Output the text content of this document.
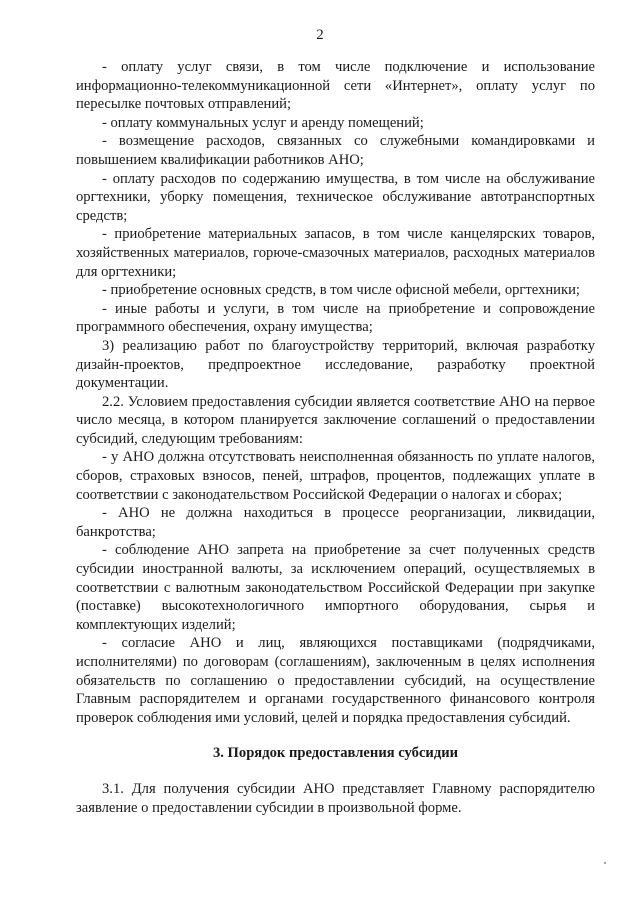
2

- оплату услуг связи, в том числе подключение и использование информационно-телекоммуникационной сети «Интернет», оплату услуг по пересылке почтовых отправлений;

- оплату коммунальных услуг и аренду помещений;

- возмещение расходов, связанных со служебными командировками и повышением квалификации работников АНО;

- оплату расходов по содержанию имущества, в том числе на обслуживание оргтехники, уборку помещения, техническое обслуживание автотранспортных средств;

- приобретение материальных запасов, в том числе канцелярских товаров, хозяйственных материалов, горюче-смазочных материалов, расходных материалов для оргтехники;

- приобретение основных средств, в том числе офисной мебели, оргтехники;

- иные работы и услуги, в том числе на приобретение и сопровождение программного обеспечения, охрану имущества;

3) реализацию работ по благоустройству территорий, включая разработку дизайн-проектов, предпроектное исследование, разработку проектной документации.

2.2. Условием предоставления субсидии является соответствие АНО на первое число месяца, в котором планируется заключение соглашений о предоставлении субсидий, следующим требованиям:

- у АНО должна отсутствовать неисполненная обязанность по уплате налогов, сборов, страховых взносов, пеней, штрафов, процентов, подлежащих уплате в соответствии с законодательством Российской Федерации о налогах и сборах;

- АНО не должна находиться в процессе реорганизации, ликвидации, банкротства;

- соблюдение АНО запрета на приобретение за счет полученных средств субсидии иностранной валюты, за исключением операций, осуществляемых в соответствии с валютным законодательством Российской Федерации при закупке (поставке) высокотехнологичного импортного оборудования, сырья и комплектующих изделий;

- согласие АНО и лиц, являющихся поставщиками (подрядчиками, исполнителями) по договорам (соглашениям), заключенным в целях исполнения обязательств по соглашению о предоставлении субсидий, на осуществление Главным распорядителем и органами государственного финансового контроля проверок соблюдения ими условий, целей и порядка предоставления субсидий.

3. Порядок предоставления субсидии

3.1. Для получения субсидии АНО представляет Главному распорядителю заявление о предоставлении субсидии в произвольной форме.
